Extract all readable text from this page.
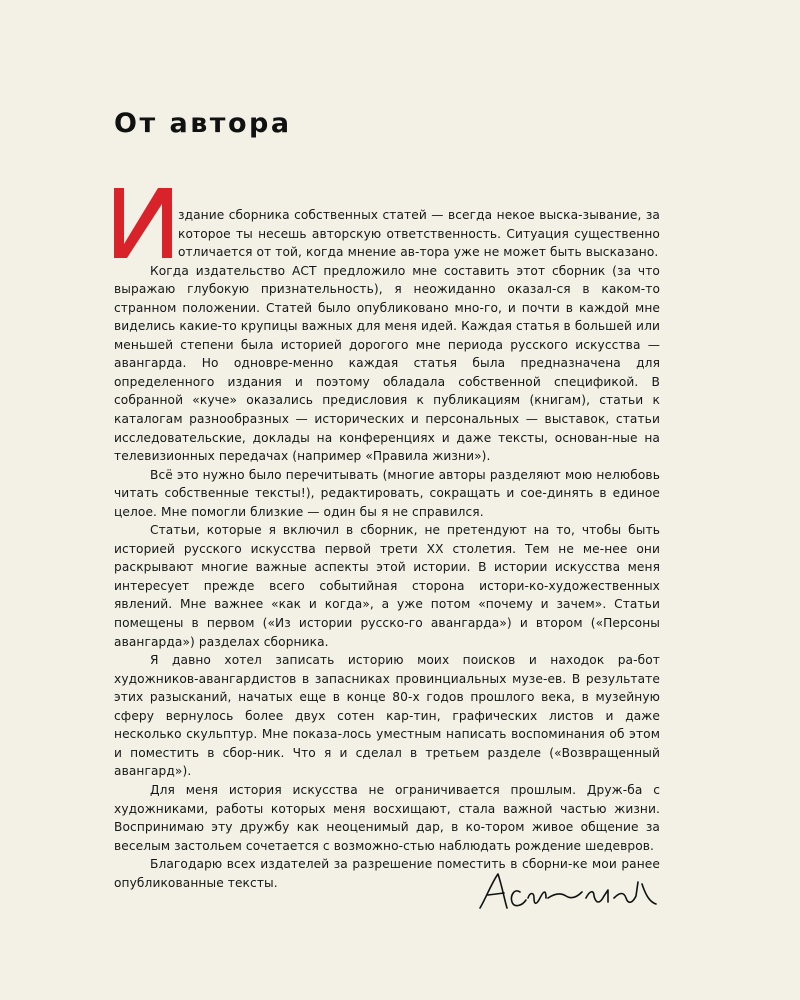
От автора

здание сборника собственных статей — всегда некое выска-зывание, за которое ты несешь авторскую ответственность. Ситуация существенно отличается от той, когда мнение ав-тора уже не может быть высказано.

Когда издательство АСТ предложило мне составить этот сборник (за что выражаю глубокую признательность), я неожиданно оказал-ся в каком-то странном положении. Статей было опубликовано мно-го, и почти в каждой мне виделись какие-то крупицы важных для меня идей. Каждая статья в большей или меньшей степени была историей дорогого мне периода русского искусства — авангарда. Но одновре-менно каждая статья была предназначена для определенного издания и поэтому обладала собственной спецификой. В собранной «куче» оказались предисловия к публикациям (книгам), статьи к каталогам разнообразных — исторических и персональных — выставок, статьи исследовательские, доклады на конференциях и даже тексты, основан-ные на телевизионных передачах (например «Правила жизни»).

Всё это нужно было перечитывать (многие авторы разделяют мою нелюбовь читать собственные тексты!), редактировать, сокращать и сое-динять в единое целое. Мне помогли близкие — один бы я не справился.

Статьи, которые я включил в сборник, не претендуют на то, чтобы быть историей русского искусства первой трети XX столетия. Тем не ме-нее они раскрывают многие важные аспекты этой истории. В истории искусства меня интересует прежде всего событийная сторона истори-ко-художественных явлений. Мне важнее «как и когда», а уже потом «почему и зачем». Статьи помещены в первом («Из истории русско-го авангарда») и втором («Персоны авангарда») разделах сборника.

Я давно хотел записать историю моих поисков и находок ра-бот художников-авангардистов в запасниках провинциальных музе-ев. В результате этих разысканий, начатых еще в конце 80-х годов прошлого века, в музейную сферу вернулось более двух сотен кар-тин, графических листов и даже несколько скульптур. Мне показа-лось уместным написать воспоминания об этом и поместить в сбор-ник. Что я и сделал в третьем разделе («Возвращенный авангард»).

Для меня история искусства не ограничивается прошлым. Друж-ба с художниками, работы которых меня восхищают, стала важной частью жизни. Воспринимаю эту дружбу как неоценимый дар, в ко-тором живое общение за веселым застольем сочетается с возможно-стью наблюдать рождение шедевров.

Благодарю всех издателей за разрешение поместить в сборни-ке мои ранее опубликованные тексты.
